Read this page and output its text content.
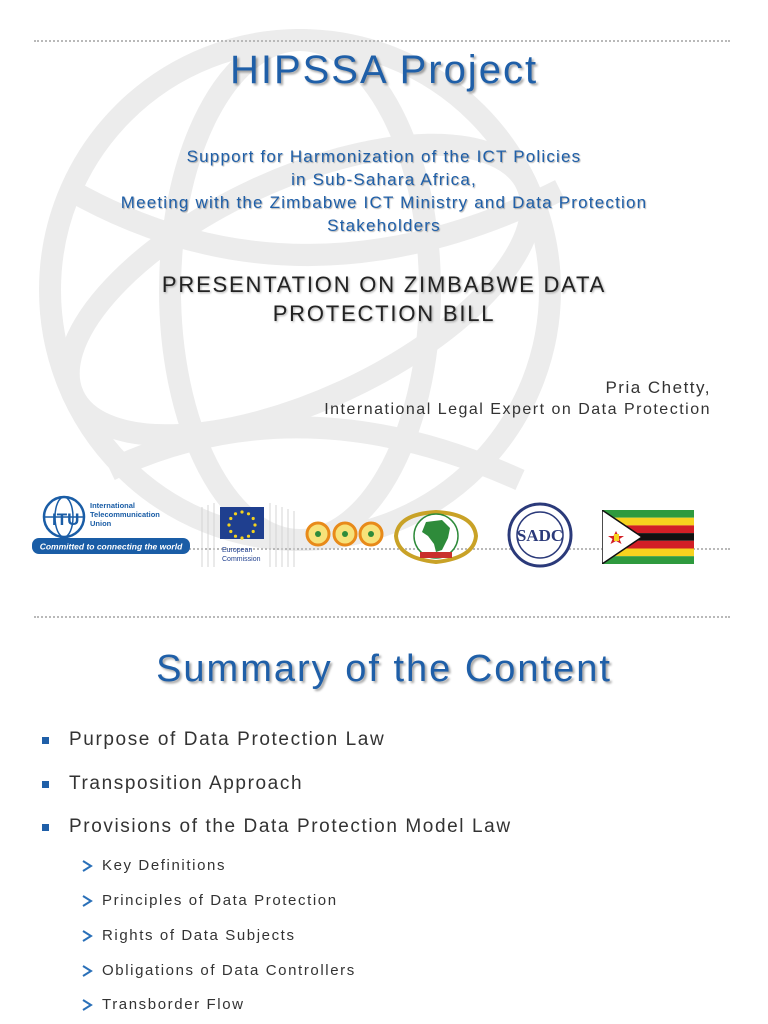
HIPSSA Project
Support for Harmonization of the ICT Policies
in Sub-Sahara Africa,
Meeting with the Zimbabwe ICT Ministry and Data Protection
Stakeholders
PRESENTATION ON ZIMBABWE DATA
PROTECTION BILL
Pria Chetty,
International Legal Expert on Data Protection
ITU
International
Telecommunication
Union
Committed to connecting the world	European
Commission
SADC
Summary of the Content
Purpose of Data Protection Law
Transposition Approach
Provisions of the Data Protection Model Law
Key Definitions
Principles of Data Protection
Rights of Data Subjects
Obligations of Data Controllers
Transborder Flow
